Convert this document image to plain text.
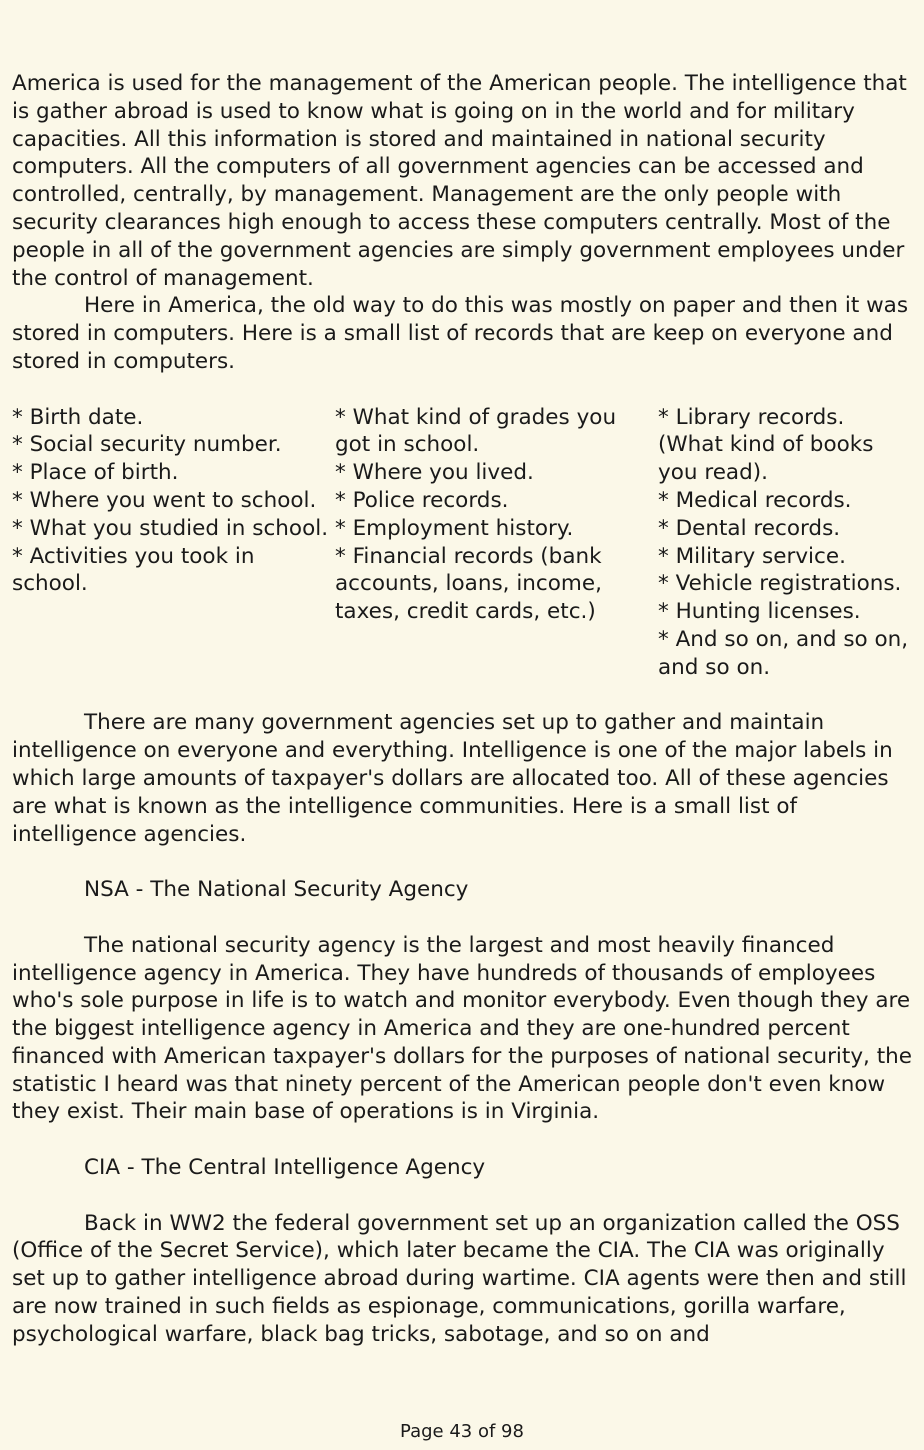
America is used for the management of the American people. The intelligence that is gather abroad is used to know what is going on in the world and for military capacities. All this information is stored and maintained in national security computers. All the computers of all government agencies can be accessed and controlled, centrally, by management. Management are the only people with security clearances high enough to access these computers centrally. Most of the people in all of the government agencies are simply government employees under the control of management.

Here in America, the old way to do this was mostly on paper and then it was stored in computers. Here is a small list of records that are keep on everyone and stored in computers.

* Birth date.
* Social security number.
* Place of birth.
* Where you went to school.
* What you studied in school.
* Activities you took in school.
* What kind of grades you got in school.
* Where you lived.
* Police records.
* Employment history.
* Financial records (bank accounts, loans, income, taxes, credit cards, etc.)
* Library records. (What kind of books you read).
* Medical records.
* Dental records.
* Military service.
* Vehicle registrations.
* Hunting licenses.
* And so on, and so on, and so on.

There are many government agencies set up to gather and maintain intelligence on everyone and everything. Intelligence is one of the major labels in which large amounts of taxpayer's dollars are allocated too. All of these agencies are what is known as the intelligence communities. Here is a small list of intelligence agencies.

NSA - The National Security Agency

The national security agency is the largest and most heavily financed intelligence agency in America. They have hundreds of thousands of employees who's sole purpose in life is to watch and monitor everybody. Even though they are the biggest intelligence agency in America and they are one-hundred percent financed with American taxpayer's dollars for the purposes of national security, the statistic I heard was that ninety percent of the American people don't even know they exist. Their main base of operations is in Virginia.

CIA - The Central Intelligence Agency

Back in WW2 the federal government set up an organization called the OSS (Office of the Secret Service), which later became the CIA. The CIA was originally set up to gather intelligence abroad during wartime. CIA agents were then and still are now trained in such fields as espionage, communications, gorilla warfare, psychological warfare, black bag tricks, sabotage, and so on and

Page 43 of 98
